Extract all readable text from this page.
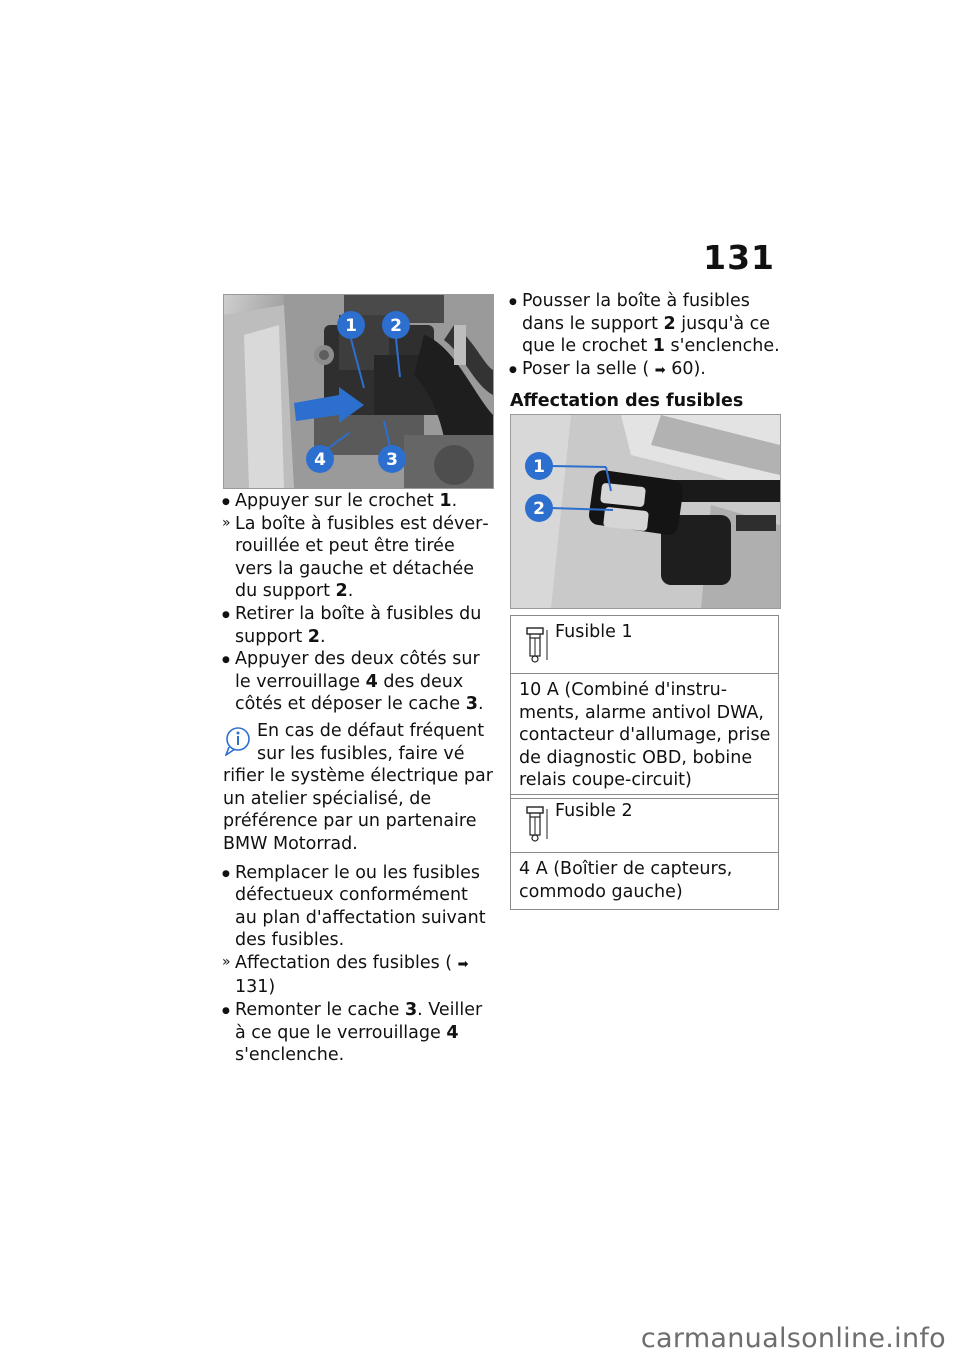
131
1 2
3
4
●
Appuyer sur le crochet 1.
»
La boîte à fusibles est déverrouillée et peut être tirée vers la gauche et détachée du support 2.
●
Retirer la boîte à fusibles du support 2.
●
Appuyer des deux côtés sur le verrouillage 4 des deux côtés et déposer le cache 3.
En cas de défaut fréquent sur les fusibles, faire vé
rifier le système électrique par un atelier spécialisé, de préférence par un partenaire BMW Motorrad.
●
Remplacer le ou les fusibles défectueux conformément au plan d'affectation suivant des fusibles.
»
Affectation des fusibles ( ➡131)
●
Remonter le cache 3. Veiller à ce que le verrouillage 4 s'enclenche.
●
Pousser la boîte à fusibles dans le support 2 jusqu'à ce que le crochet 1 s'enclenche.
●
Poser la selle ( ➡ 60).
Affectation des fusibles
1
2
Fusible 1
10 A (Combiné d'instruments, alarme antivol DWA, contacteur d'allumage, prise de diagnostic OBD, bobine relais coupe-circuit)
Fusible 2
4 A (Boîtier de capteurs, commodo gauche)
carmanualsonline.info
